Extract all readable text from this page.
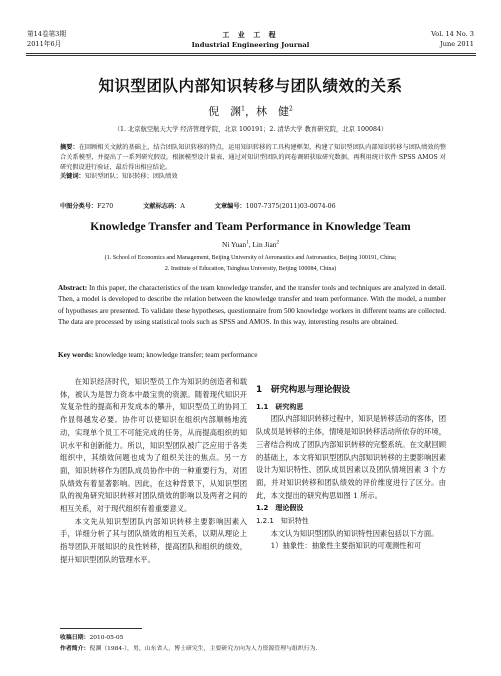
第14卷第3期
2011年6月
工 业 工 程
Industrial Engineering Journal
Vol. 14 No. 3
June 2011
知识型团队内部知识转移与团队绩效的关系
倪　渊$^1$，林　健$^2$
（1. 北京航空航天大学 经济管理学院，北京 100191；2. 清华大学 教育研究院，北京 100084）
摘要：在回顾相关文献的基础上，结合团队知识转移的特点，运用知识转移的工具构建框架，构建了知识型团队内部知识转移与团队绩效的整合关系模型，并提出了一系列研究假设。根据模型设计量表，通过对知识型团队的问卷调研获取研究数据，再利用统计软件 SPSS AMOS 对研究假设进行验证，最后得出相应结论。
关键词：知识型团队；知识转移；团队绩效
中图分类号：F270	文献标志码：A	文章编号：1007-7375(2011)03-0074-06
Knowledge Transfer and Team Performance in Knowledge Team
Ni Yuan$^1$, Lin Jian$^2$
(1. School of Economics and Management, Beijing University of Aeronautics and Astronautics, Beijing 100191, China;
2. Institute of Education, Tsinghua University, Beijing 100084, China)
Abstract: In this paper, the characteristics of the team knowledge transfer, and the transfer tools and techniques are analyzed in detail. Then, a model is developed to describe the relation between the knowledge transfer and team performance. With the model, a number of hypotheses are presented. To validate these hypotheses, questionnaire from 500 knowledge workers in different teams are collected. The data are processed by using statistical tools such as SPSS and AMOS. In this way, interesting results are obtained.
Key words: knowledge team; knowledge transfer; team performance

在知识经济时代，知识型员工作为知识的创造者和载体，被认为是智力资本中最宝贵的资源。随着现代知识开发复杂性的提高和开发成本的攀升，知识型员工的协同工作显得越发必要。协作可以使知识在组织内部顺畅地流动，实现单个员工不可能完成的任务，从而提高组织的知识水平和创新能力。所以，知识型团队被广泛应用于各类组织中，其绩效问题也成为了组织关注的焦点。另一方面，知识转移作为团队成员协作中的一种重要行为，对团队绩效有着显著影响。因此，在这种背景下，从知识型团队的视角研究知识转移对团队绩效的影响以及两者之间的相互关系，对于现代组织有着重要意义。

本文先从知识型团队内部知识转移主要影响因素入手，详细分析了其与团队绩效的相互关系，以期从理论上指导团队开展知识的良性转移，提高团队和组织的绩效，提升知识型团队的管理水平。

1　研究构思与理论假设
1.1　研究构思

团队内部知识转移过程中，知识是转移活动的客体，团队成员是转移的主体，情境是知识转移活动所依存的环境，三者结合构成了团队内部知识转移的完整系统。在文献回顾的基础上，本文将知识型团队内部知识转移的主要影响因素设计为知识特性、团队成员因素以及团队情境因素 3 个方面，并对知识转移和团队绩效的评价维度进行了区分。由此，本文提出的研究构思如图 1 所示。

1.2　理论假设
1.2.1　知识特性

本文认为知识型团队的知识特性因素包括以下方面。

1）抽象性：抽象性主要指知识的可观测性和可

收稿日期：2010-05-05
作者简介：倪渊（1984-），男，山东省人，博士研究生，主要研究方向为人力资源管理与组织行为.
